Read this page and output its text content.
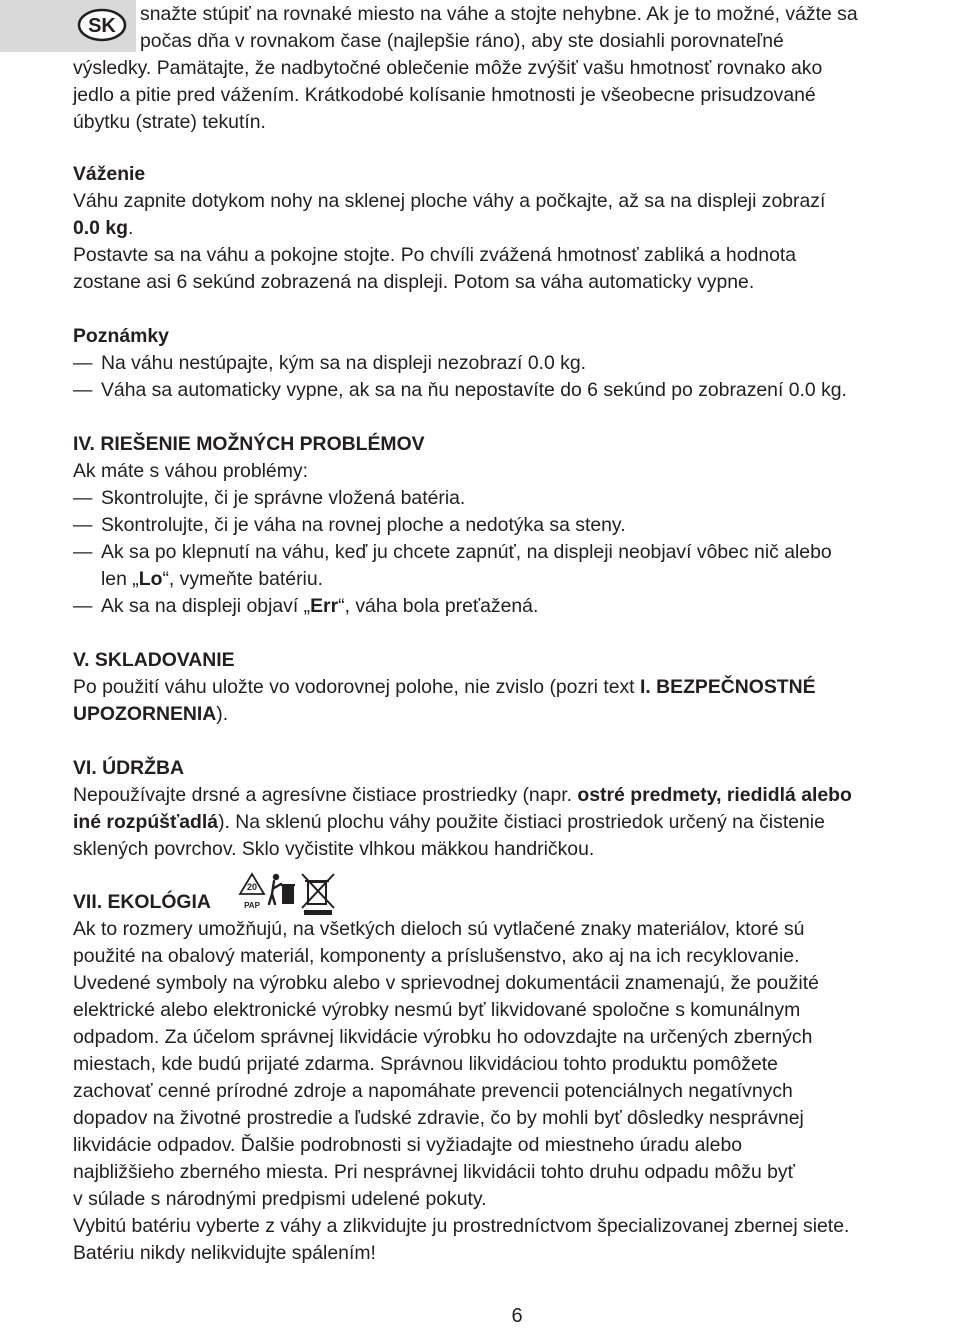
SK

snažte stúpiť na rovnaké miesto na váhe a stojte nehybne. Ak je to možné, vážte sa

počas dňa v rovnakom čase (najlepšie ráno), aby ste dosiahli porovnateľné

výsledky. Pamätajte, že nadbytočné oblečenie môže zvýšiť vašu hmotnosť rovnako ako

jedlo a pitie pred vážením. Krátkodobé kolísanie hmotnosti je všeobecne prisudzované

úbytku (strate) tekutín.

Váženie

Váhu zapnite dotykom nohy na sklenej ploche váhy a počkajte, až sa na displeji zobrazí

0.0 kg.

Postavte sa na váhu a pokojne stojte. Po chvíli zvážená hmotnosť zabliká a hodnota

zostane asi 6 sekúnd zobrazená na displeji. Potom sa váha automaticky vypne.

Poznámky

— Na váhu nestúpajte, kým sa na displeji nezobrazí 0.0 kg.

— Váha sa automaticky vypne, ak sa na ňu nepostavíte do 6 sekúnd po zobrazení 0.0 kg.

IV. RIEŠENIE MOŽNÝCH PROBLÉMOV

Ak máte s váhou problémy:

— Skontrolujte, či je správne vložená batéria.

— Skontrolujte, či je váha na rovnej ploche a nedotýka sa steny.

— Ak sa po klepnutí na váhu, keď ju chcete zapnúť, na displeji neobjaví vôbec nič alebo

len „Lo“, vymeňte batériu.

— Ak sa na displeji objaví „Err“, váha bola preťažená.

V. SKLADOVANIE

Po použití váhu uložte vo vodorovnej polohe, nie zvislo (pozri text I. BEZPEČNOSTNÉ

UPOZORNENIA).

VI. ÚDRŽBA

Nepoužívajte drsné a agresívne čistiace prostriedky (napr. ostré predmety, riedidlá alebo

iné rozpúšťadlá). Na sklenú plochu váhy použite čistiaci prostriedok určený na čistenie

sklených povrchov. Sklo vyčistite vlhkou mäkkou handričkou.

VII. EKOLÓGIA

20
PAP

Ak to rozmery umožňujú, na všetkých dieloch sú vytlačené znaky materiálov, ktoré sú

použité na obalový materiál, komponenty a príslušenstvo, ako aj na ich recyklovanie.

Uvedené symboly na výrobku alebo v sprievodnej dokumentácii znamenajú, že použité

elektrické alebo elektronické výrobky nesmú byť likvidované spoločne s komunálnym

odpadom. Za účelom správnej likvidácie výrobku ho odovzdajte na určených zberných

miestach, kde budú prijaté zdarma. Správnou likvidáciou tohto produktu pomôžete

zachovať cenné prírodné zdroje a napomáhate prevencii potenciálnych negatívnych

dopadov na životné prostredie a ľudské zdravie, čo by mohli byť dôsledky nesprávnej

likvidácie odpadov. Ďalšie podrobnosti si vyžiadajte od miestneho úradu alebo

najbližšieho zberného miesta. Pri nesprávnej likvidácii tohto druhu odpadu môžu byť

v súlade s národnými predpismi udelené pokuty.

Vybitú batériu vyberte z váhy a zlikvidujte ju prostredníctvom špecializovanej zbernej siete.

Batériu nikdy nelikvidujte spálením!

6
